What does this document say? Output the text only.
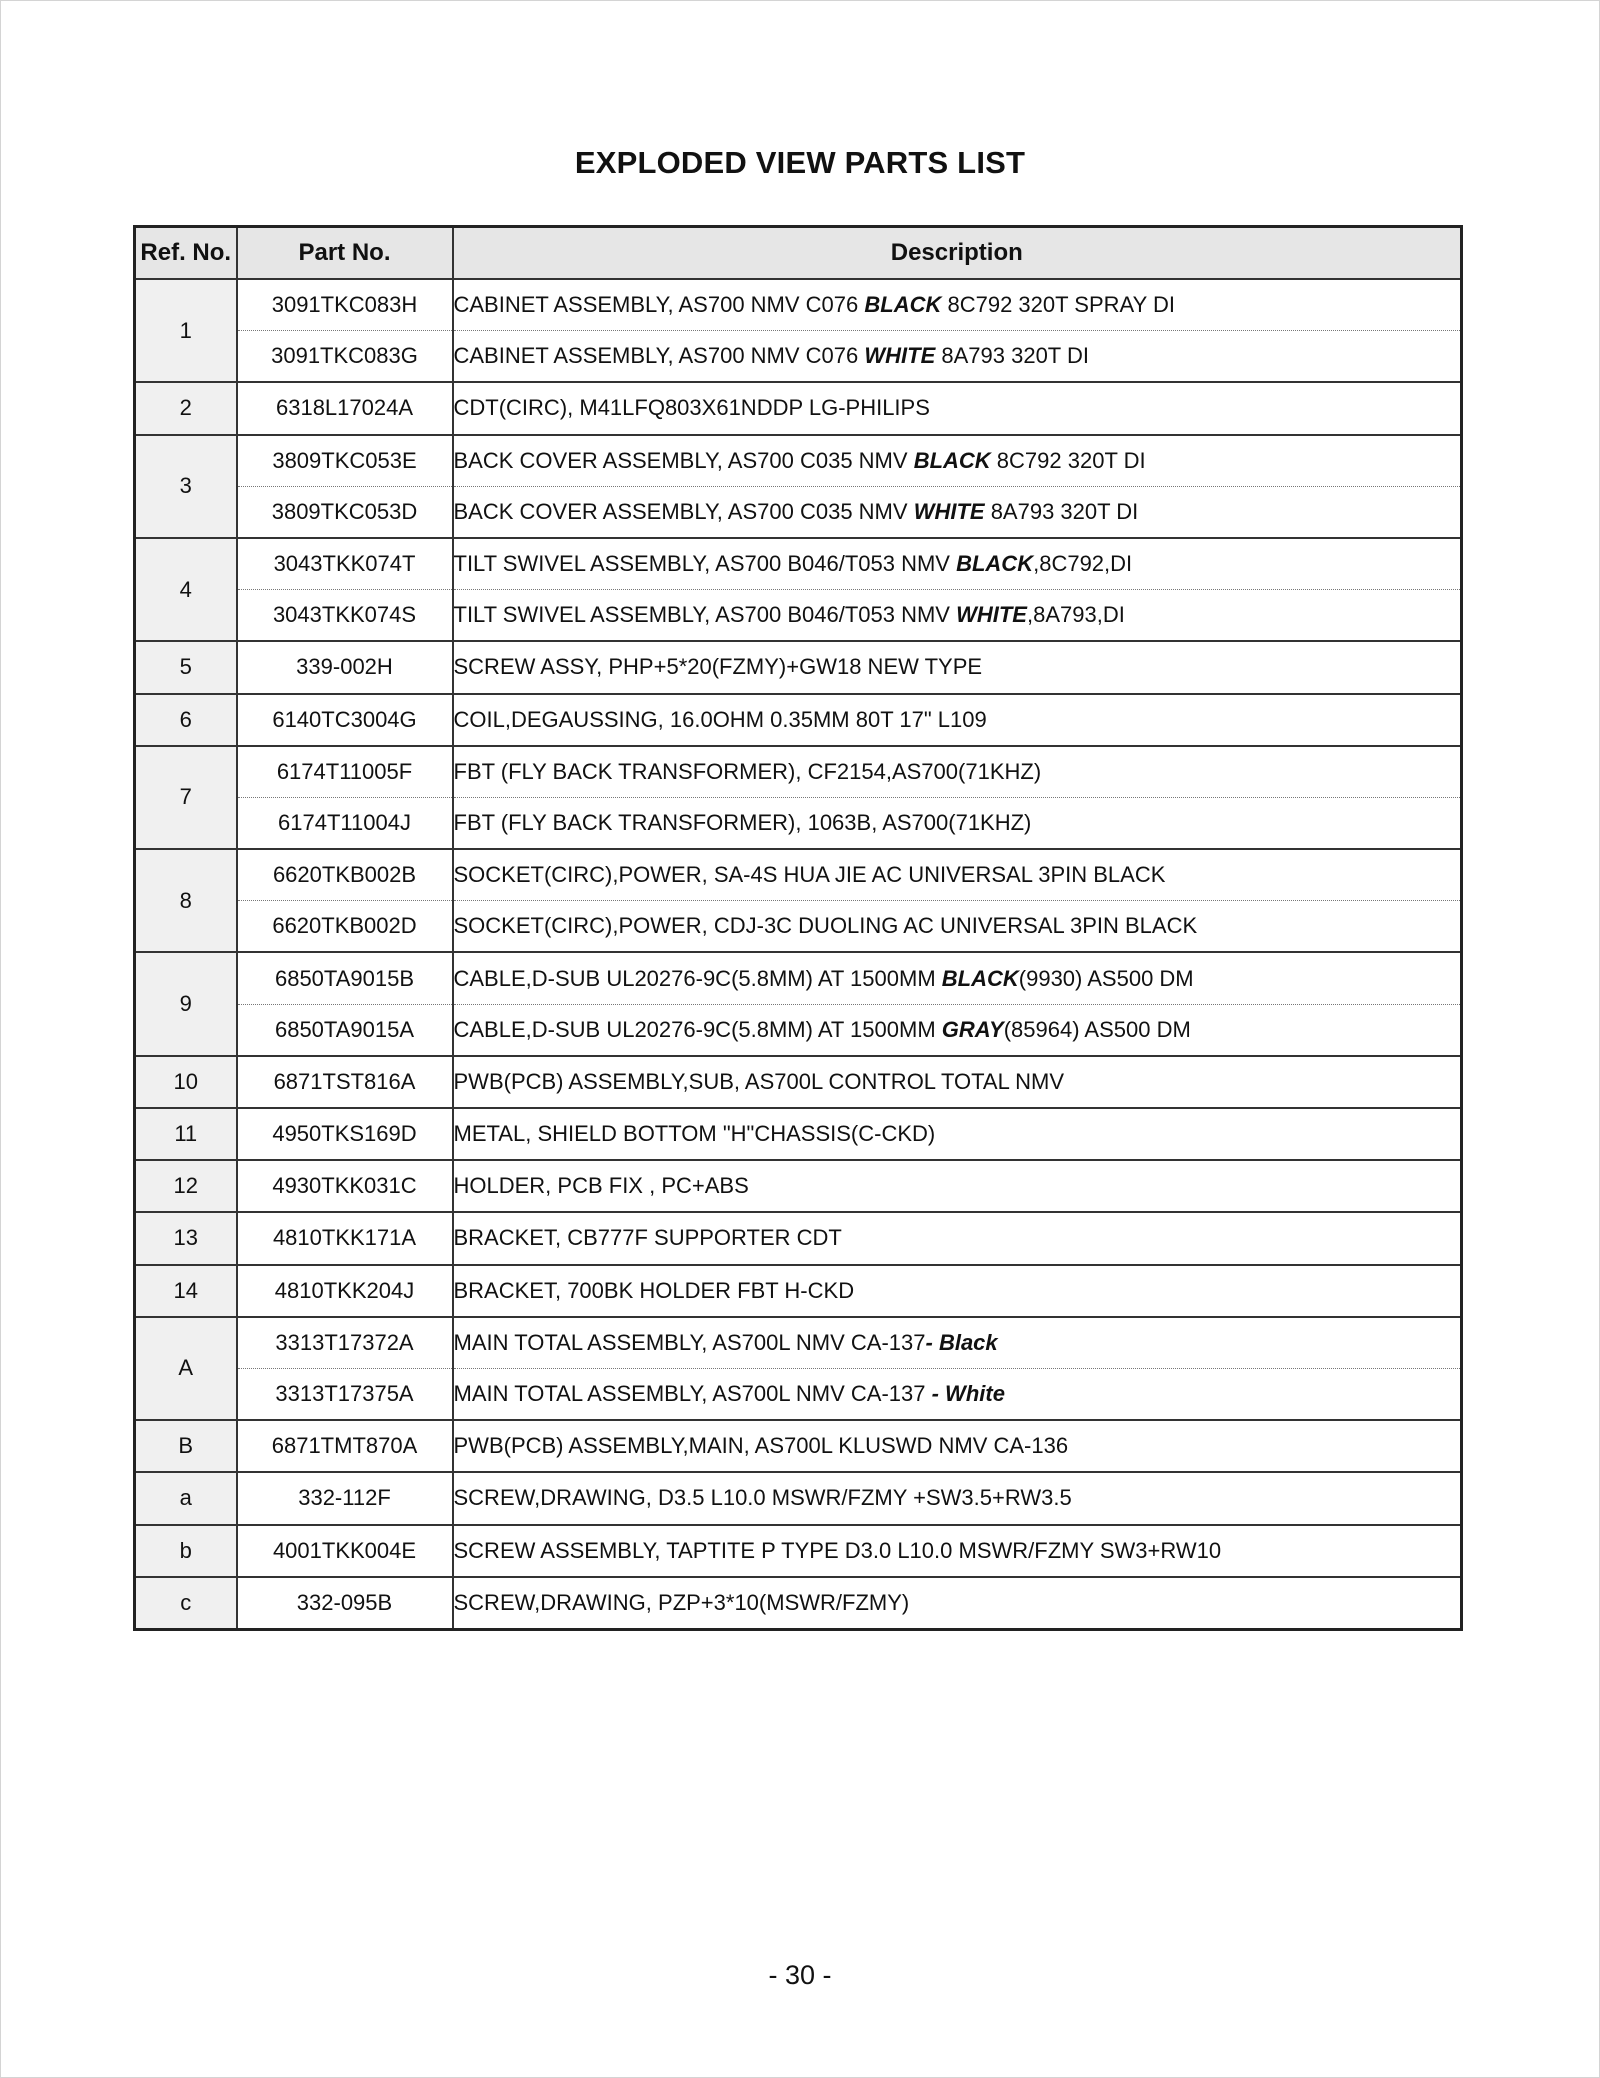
EXPLODED VIEW PARTS LIST
Ref. No.	Part No.	Description
1	3091TKC083H	CABINET ASSEMBLY, AS700 NMV C076 BLACK 8C792 320T SPRAY DI
	3091TKC083G	CABINET ASSEMBLY, AS700 NMV C076 WHITE 8A793 320T DI
2	6318L17024A	CDT(CIRC), M41LFQ803X61NDDP LG-PHILIPS
3	3809TKC053E	BACK COVER ASSEMBLY, AS700 C035 NMV BLACK 8C792 320T DI
	3809TKC053D	BACK COVER ASSEMBLY, AS700 C035 NMV WHITE 8A793 320T DI
4	3043TKK074T	TILT SWIVEL ASSEMBLY, AS700 B046/T053 NMV BLACK,8C792,DI
	3043TKK074S	TILT SWIVEL ASSEMBLY, AS700 B046/T053 NMV WHITE,8A793,DI
5	339-002H	SCREW ASSY, PHP+5*20(FZMY)+GW18 NEW TYPE
6	6140TC3004G	COIL,DEGAUSSING, 16.0OHM 0.35MM 80T 17" L109
7	6174T11005F	FBT (FLY BACK TRANSFORMER), CF2154,AS700(71KHZ)
	6174T11004J	FBT (FLY BACK TRANSFORMER), 1063B, AS700(71KHZ)
8	6620TKB002B	SOCKET(CIRC),POWER, SA-4S HUA JIE AC UNIVERSAL 3PIN BLACK
	6620TKB002D	SOCKET(CIRC),POWER, CDJ-3C DUOLING AC UNIVERSAL 3PIN BLACK
9	6850TA9015B	CABLE,D-SUB UL20276-9C(5.8MM) AT 1500MM BLACK(9930) AS500 DM
	6850TA9015A	CABLE,D-SUB UL20276-9C(5.8MM) AT 1500MM GRAY(85964) AS500 DM
10	6871TST816A	PWB(PCB) ASSEMBLY,SUB, AS700L CONTROL TOTAL NMV
11	4950TKS169D	METAL, SHIELD BOTTOM "H"CHASSIS(C-CKD)
12	4930TKK031C	HOLDER, PCB FIX , PC+ABS
13	4810TKK171A	BRACKET, CB777F SUPPORTER CDT
14	4810TKK204J	BRACKET, 700BK HOLDER FBT H-CKD
A	3313T17372A	MAIN TOTAL ASSEMBLY, AS700L NMV CA-137- Black
	3313T17375A	MAIN TOTAL ASSEMBLY, AS700L NMV CA-137 - White
B	6871TMT870A	PWB(PCB) ASSEMBLY,MAIN, AS700L KLUSWD NMV CA-136
a	332-112F	SCREW,DRAWING, D3.5 L10.0 MSWR/FZMY +SW3.5+RW3.5
b	4001TKK004E	SCREW ASSEMBLY, TAPTITE P TYPE D3.0 L10.0 MSWR/FZMY SW3+RW10
c	332-095B	SCREW,DRAWING, PZP+3*10(MSWR/FZMY)
- 30 -
